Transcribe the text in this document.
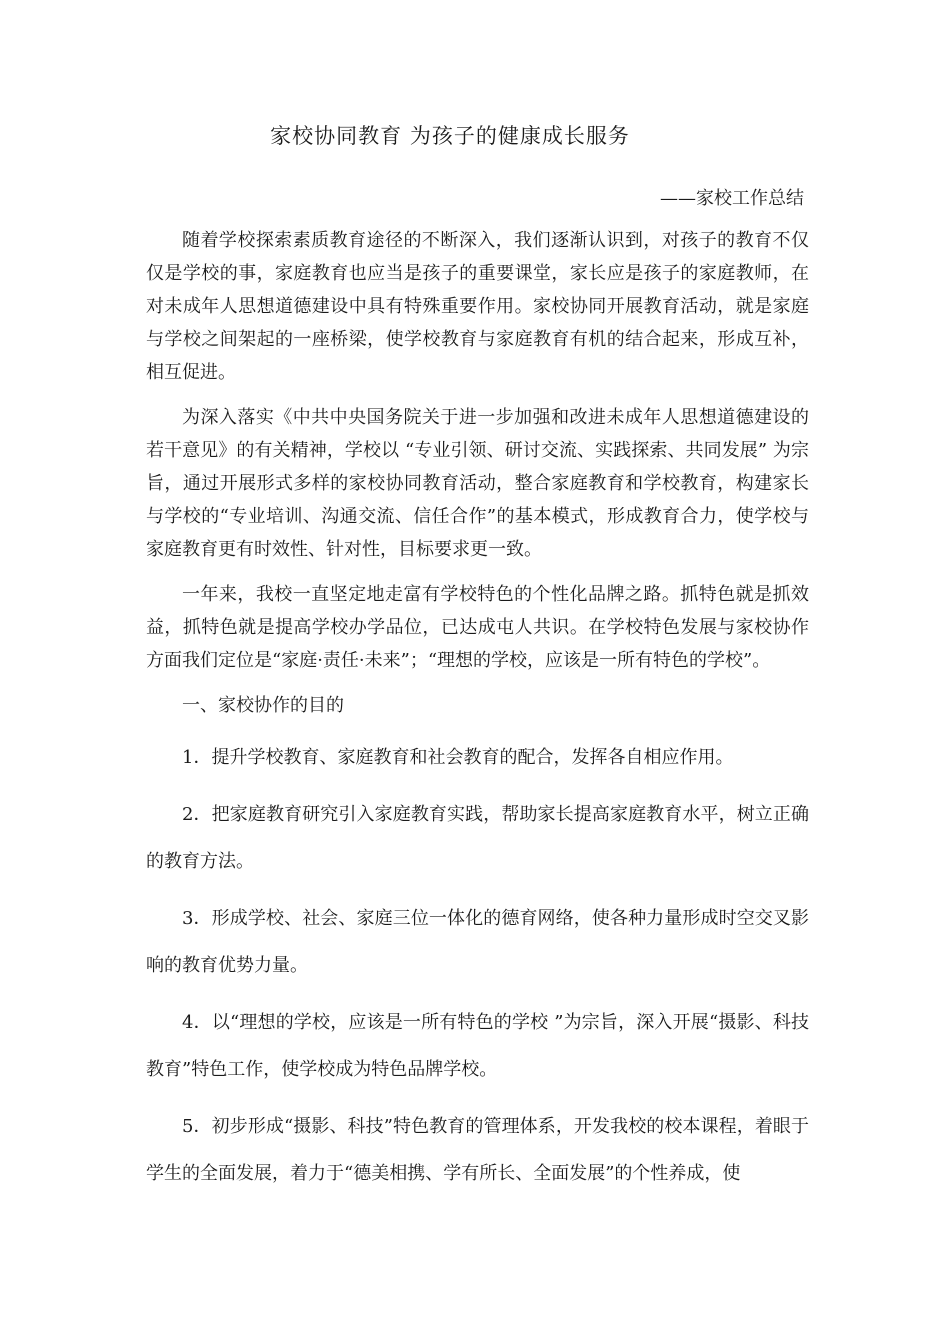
家校协同教育 为孩子的健康成长服务

——家校工作总结

随着学校探索素质教育途径的不断深入，我们逐渐认识到，对孩子的教育不仅仅是学校的事，家庭教育也应当是孩子的重要课堂，家长应是孩子的家庭教师，在对未成年人思想道德建设中具有特殊重要作用。家校协同开展教育活动，就是家庭与学校之间架起的一座桥梁，使学校教育与家庭教育有机的结合起来，形成互补，相互促进。

为深入落实《中共中央国务院关于进一步加强和改进未成年人思想道德建设的若干意见》的有关精神，学校以 “专业引领、研讨交流、实践探索、共同发展” 为宗旨，通过开展形式多样的家校协同教育活动，整合家庭教育和学校教育，构建家长与学校的“专业培训、沟通交流、信任合作”的基本模式，形成教育合力，使学校与家庭教育更有时效性、针对性，目标要求更一致。

一年来，我校一直坚定地走富有学校特色的个性化品牌之路。抓特色就是抓效益，抓特色就是提高学校办学品位，已达成屯人共识。在学校特色发展与家校协作方面我们定位是“家庭·责任·未来”；“理想的学校，应该是一所有特色的学校”。

一、家校协作的目的

1．提升学校教育、家庭教育和社会教育的配合，发挥各自相应作用。

2．把家庭教育研究引入家庭教育实践，帮助家长提高家庭教育水平，树立正确的教育方法。

3．形成学校、社会、家庭三位一体化的德育网络，使各种力量形成时空交叉影响的教育优势力量。

4．以“理想的学校，应该是一所有特色的学校 ”为宗旨，深入开展“摄影、科技教育”特色工作，使学校成为特色品牌学校。

5．初步形成“摄影、科技”特色教育的管理体系，开发我校的校本课程，着眼于学生的全面发展，着力于“德美相携、学有所长、全面发展”的个性养成，使
